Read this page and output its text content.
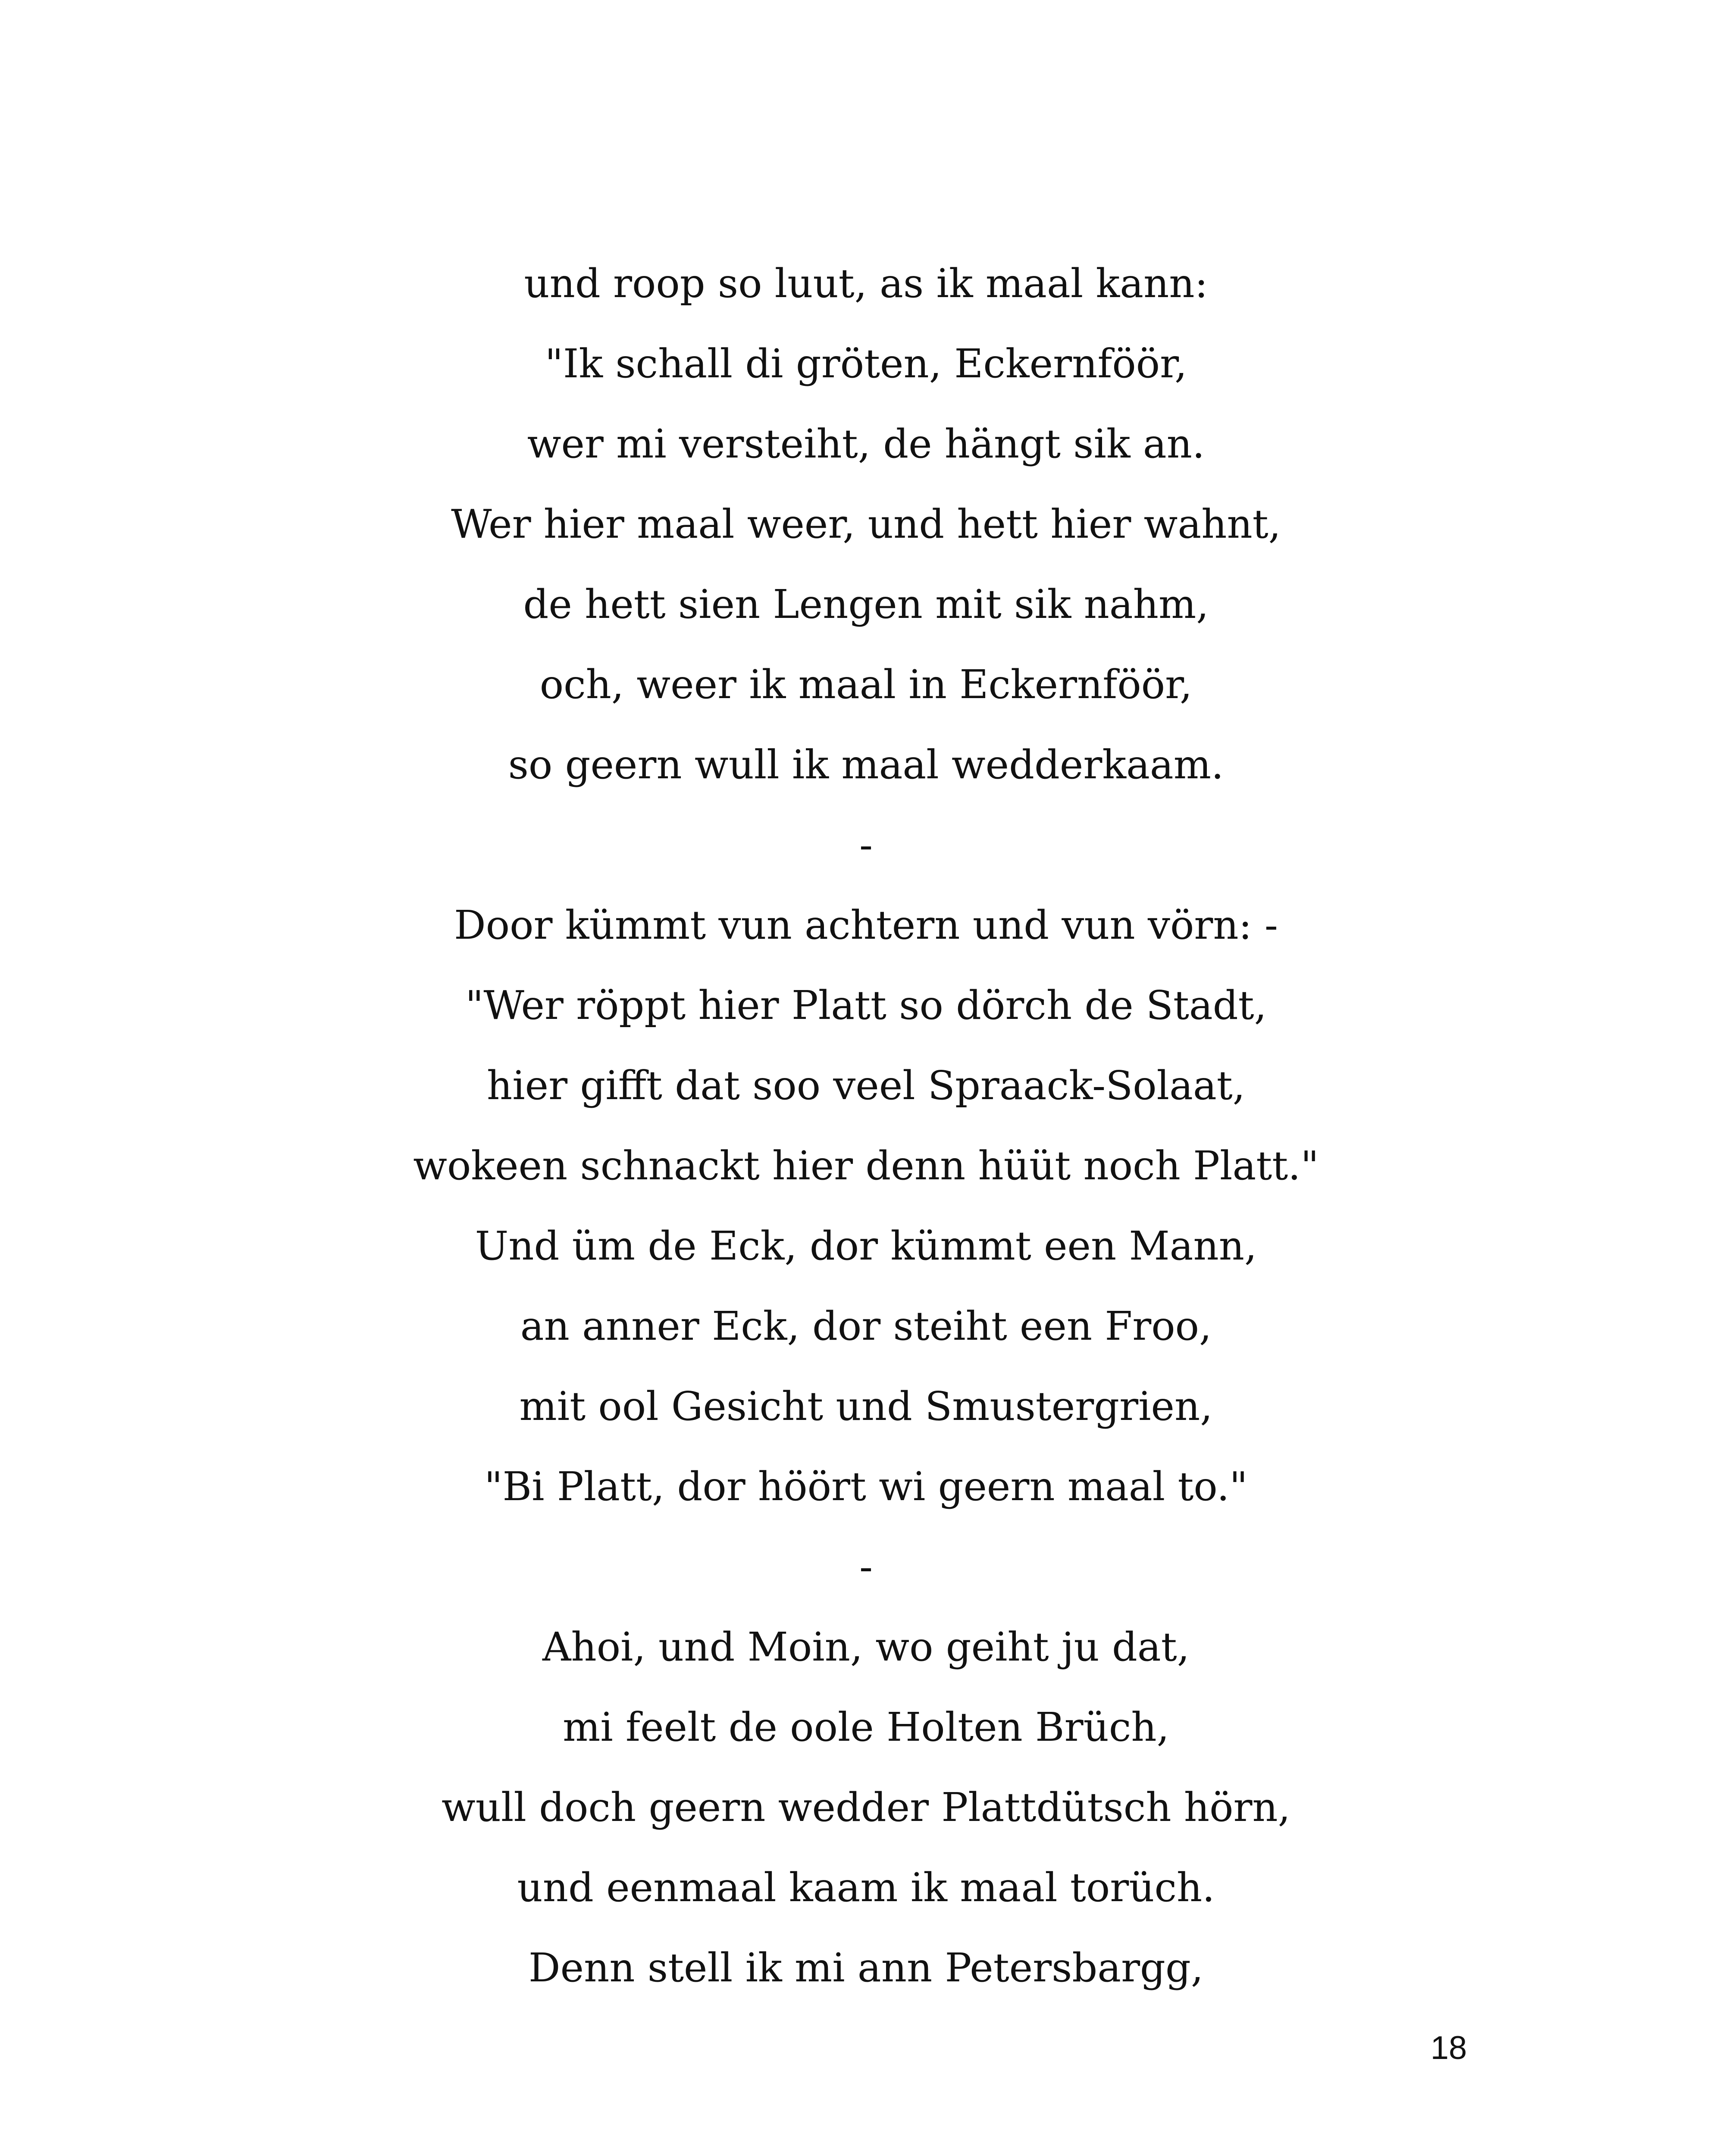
und roop so luut, as ik maal kann:
"Ik schall di gröten, Eckernföör,
wer mi versteiht, de hängt sik an.
Wer hier maal weer, und hett hier wahnt,
de hett sien Lengen mit sik nahm,
och, weer ik maal in Eckernföör,
so geern wull ik maal wedderkaam.
-
Door kümmt vun achtern und vun vörn: -
"Wer röppt hier Platt so dörch de Stadt,
hier gifft dat soo veel Spraack-Solaat,
wokeen schnackt hier denn hüüt noch Platt."
Und üm de Eck, dor kümmt een Mann,
an anner Eck, dor steiht een Froo,
mit ool Gesicht und Smustergrien,
"Bi Platt, dor höört wi geern maal to."
-
Ahoi, und Moin, wo geiht ju dat,
mi feelt de oole Holten Brüch,
wull doch geern wedder Plattdütsch hörn,
und eenmaal kaam ik maal torüch.
Denn stell ik mi ann Petersbargg,
18
